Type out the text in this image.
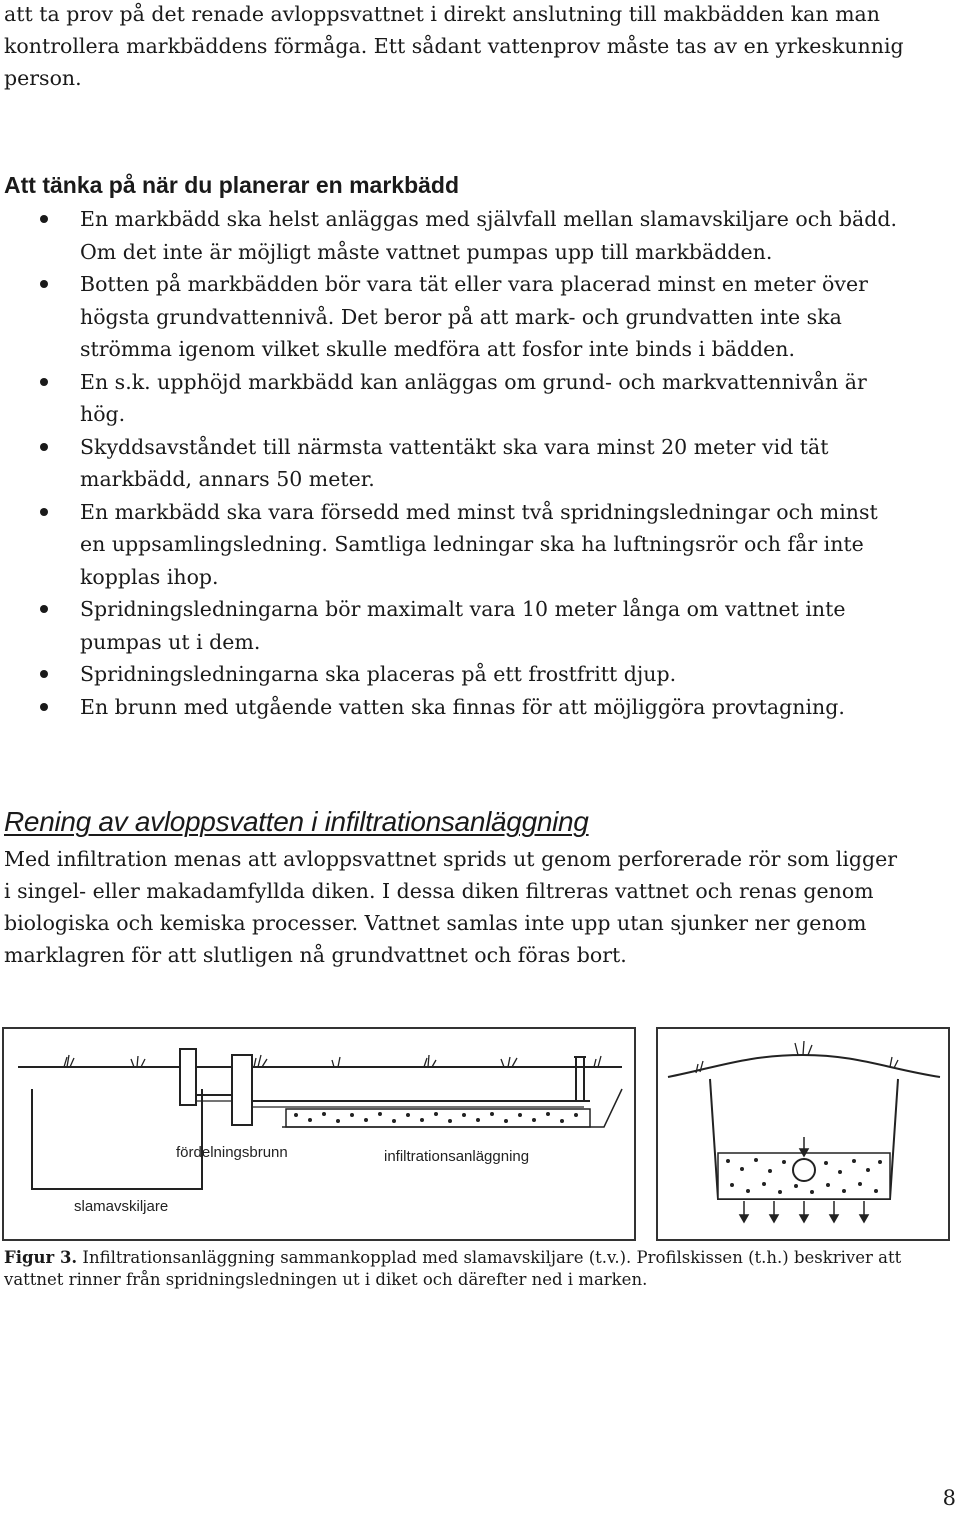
att ta prov på det renade avloppsvattnet i direkt anslutning till makbädden kan man kontrollera markbäddens förmåga. Ett sådant vattenprov måste tas av en yrkeskunnig person.

Att tänka på när du planerar en markbädd
En markbädd ska helst anläggas med självfall mellan slamavskiljare och bädd. Om det inte är möjligt måste vattnet pumpas upp till markbädden.
Botten på markbädden bör vara tät eller vara placerad minst en meter över högsta grundvattennivå. Det beror på att mark- och grundvatten inte ska strömma igenom vilket skulle medföra att fosfor inte binds i bädden.
En s.k. upphöjd markbädd kan anläggas om grund- och markvattennivån är hög.
Skyddsavståndet till närmsta vattentäkt ska vara minst 20 meter vid tät markbädd, annars 50 meter.
En markbädd ska vara försedd med minst två spridningsledningar och minst en uppsamlingsledning. Samtliga ledningar ska ha luftningsrör och får inte kopplas ihop.
Spridningsledningarna bör maximalt vara 10 meter långa om vattnet inte pumpas ut i dem.
Spridningsledningarna ska placeras på ett frostfritt djup.
En brunn med utgående vatten ska finnas för att möjliggöra provtagning.
Rening av avloppsvatten i infiltrationsanläggning

Med infiltration menas att avloppsvattnet sprids ut genom perforerade rör som ligger i singel- eller makadamfyllda diken. I dessa diken filtreras vattnet och renas genom biologiska och kemiska processer. Vattnet samlas inte upp utan sjunker ner genom marklagren för att slutligen nå grundvattnet och föras bort.

fördelningsbrunn	infiltrationsanläggning
slamavskiljare

Figur 3. Infiltrationsanläggning sammankopplad med slamavskiljare (t.v.). Profilskissen (t.h.) beskriver att vattnet rinner från spridningsledningen ut i diket och därefter ned i marken.

8
